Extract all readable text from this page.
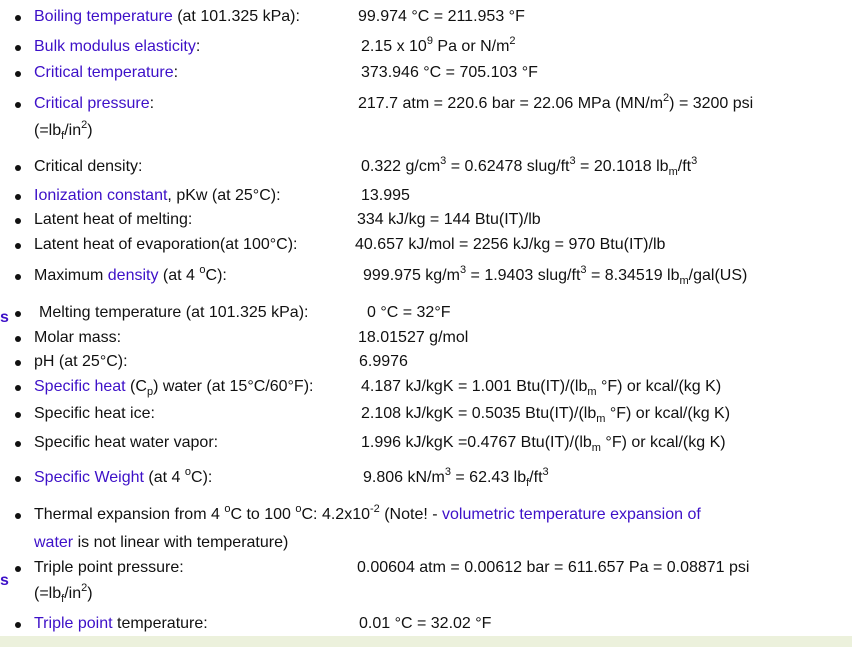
s
s
Boiling temperature (at 101.325 kPa):	99.974 °C = 211.953 °F
Bulk modulus elasticity:	2.15 x $10^9$ Pa or $N/m^2$
Critical temperature:	373.946 °C = 705.103 °F
Critical pressure:	217.7 atm = 220.6 bar = 22.06 MPa $(MN/m^2) = 3200$ psi
$(=lb_f/in^2)$
Critical density:	0.322 $g/cm^3 = 0.62478$ slug/$ft^3 = 20.1018$ $lb_m/ft^3$
Ionization constant, pKw (at 25°C):	13.995
Latent heat of melting:	334 kJ/kg = 144 Btu(IT)/lb
Latent heat of evaporation(at 100°C):	40.657 kJ/mol = 2256 kJ/kg = 970 Btu(IT)/lb
Maximum density (at 4 $^o$C):	999.975 $kg/m^3 = 1.9403$ slug/$ft^3 = 8.34519$ $lb_m/gal(US)$
Melting temperature (at 101.325 kPa):	0 °C = 32°F
Molar mass:	18.01527 g/mol
pH (at 25°C):	6.9976
Specific heat $(C_p)$ water (at 15°C/60°F):	4.187 kJ/kgK = 1.001 $Btu(IT)/(lb_m$ °F) or kcal/(kg K)
Specific heat ice:	2.108 kJ/kgK = 0.5035 $Btu(IT)/(lb_m$ °F) or kcal/(kg K)
Specific heat water vapor:	1.996 kJ/kgK =0.4767 $Btu(IT)/(lb_m$ °F) or kcal/(kg K)
Specific Weight (at 4 $^o$C):	9.806 $kN/m^3 = 62.43$ $lb_f/ft^3$
Thermal expansion from 4 $^o$C to 100 $^o$C: $4.2x10^{-2}$ (Note! - volumetric temperature expansion of
water is not linear with temperature)
Triple point pressure:	0.00604 atm = 0.00612 bar = 611.657 Pa = 0.08871 psi
$(=lb_f/in^2)$
Triple point temperature:	0.01 °C = 32.02 °F
